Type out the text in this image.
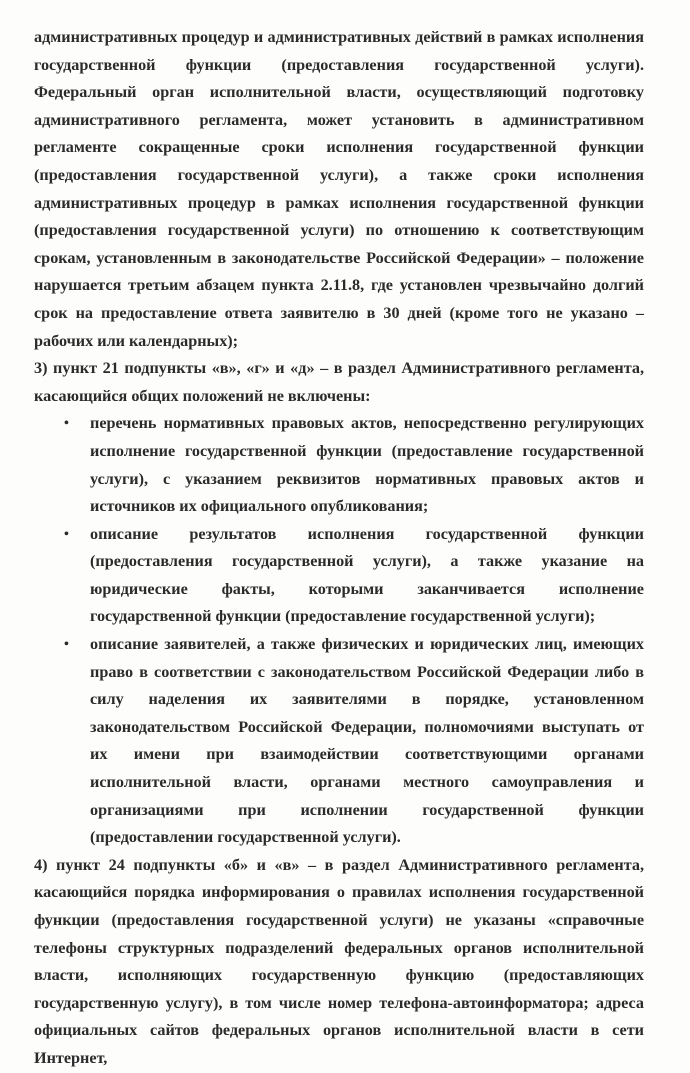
административных процедур и административных действий в рамках исполнения государственной функции (предоставления государственной услуги). Федеральный орган исполнительной власти, осуществляющий подготовку административного регламента, может установить в административном регламенте сокращенные сроки исполнения государственной функции (предоставления государственной услуги), а также сроки исполнения административных процедур в рамках исполнения государственной функции (предоставления государственной услуги) по отношению к соответствующим срокам, установленным в законодательстве Российской Федерации» – положение нарушается третьим абзацем пункта 2.11.8, где установлен чрезвычайно долгий срок на предоставление ответа заявителю в 30 дней (кроме того не указано – рабочих или календарных);

3) пункт 21 подпункты «в», «г» и «д» – в раздел Административного регламента, касающийся общих положений не включены:

• перечень нормативных правовых актов, непосредственно регулирующих исполнение государственной функции (предоставление государственной услуги), с указанием реквизитов нормативных правовых актов и источников их официального опубликования;

• описание результатов исполнения государственной функции (предоставления государственной услуги), а также указание на юридические факты, которыми заканчивается исполнение государственной функции (предоставление государственной услуги);

• описание заявителей, а также физических и юридических лиц, имеющих право в соответствии с законодательством Российской Федерации либо в силу наделения их заявителями в порядке, установленном законодательством Российской Федерации, полномочиями выступать от их имени при взаимодействии соответствующими органами исполнительной власти, органами местного самоуправления и организациями при исполнении государственной функции (предоставлении государственной услуги).

4) пункт 24 подпункты «б» и «в» – в раздел Административного регламента, касающийся порядка информирования о правилах исполнения государственной функции (предоставления государственной услуги) не указаны «справочные телефоны структурных подразделений федеральных органов исполнительной власти, исполняющих государственную функцию (предоставляющих государственную услугу), в том числе номер телефона-автоинформатора; адреса официальных сайтов федеральных органов исполнительной власти в сети Интернет,
